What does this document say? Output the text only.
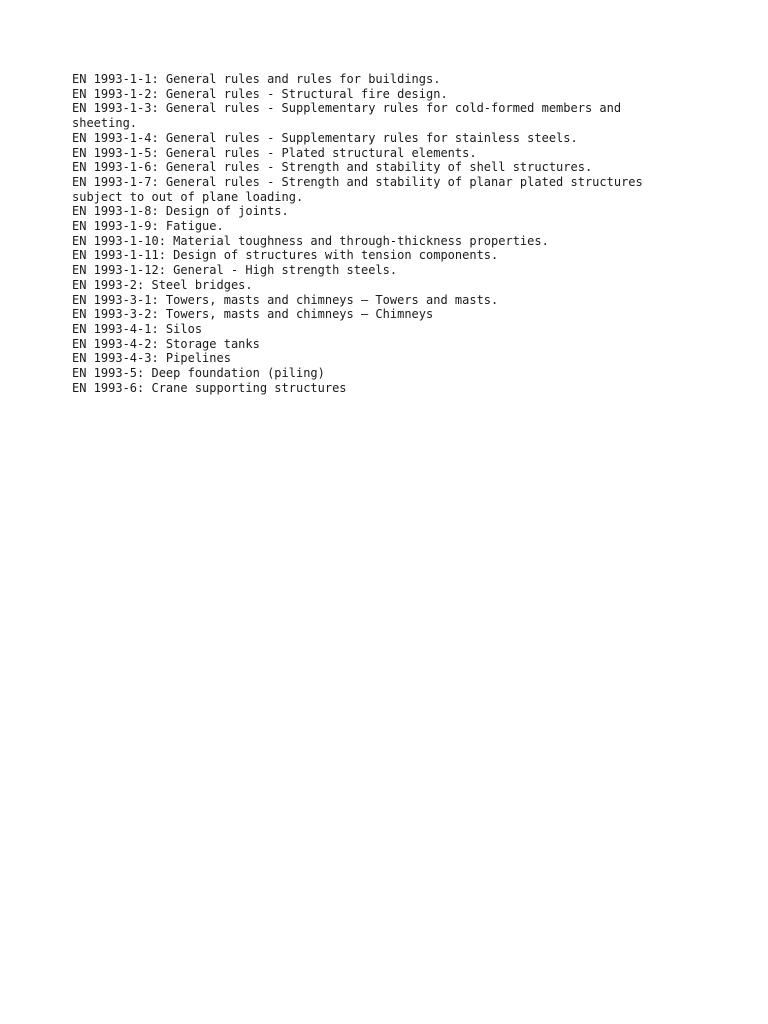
EN 1993-1-1: General rules and rules for buildings.
EN 1993-1-2: General rules - Structural fire design.
EN 1993-1-3: General rules - Supplementary rules for cold-formed members and
sheeting.
EN 1993-1-4: General rules - Supplementary rules for stainless steels.
EN 1993-1-5: General rules - Plated structural elements.
EN 1993-1-6: General rules - Strength and stability of shell structures.
EN 1993-1-7: General rules - Strength and stability of planar plated structures
subject to out of plane loading.
EN 1993-1-8: Design of joints.
EN 1993-1-9: Fatigue.
EN 1993-1-10: Material toughness and through-thickness properties.
EN 1993-1-11: Design of structures with tension components.
EN 1993-1-12: General - High strength steels.
EN 1993-2: Steel bridges.
EN 1993-3-1: Towers, masts and chimneys – Towers and masts.
EN 1993-3-2: Towers, masts and chimneys – Chimneys
EN 1993-4-1: Silos
EN 1993-4-2: Storage tanks
EN 1993-4-3: Pipelines
EN 1993-5: Deep foundation (piling)
EN 1993-6: Crane supporting structures
